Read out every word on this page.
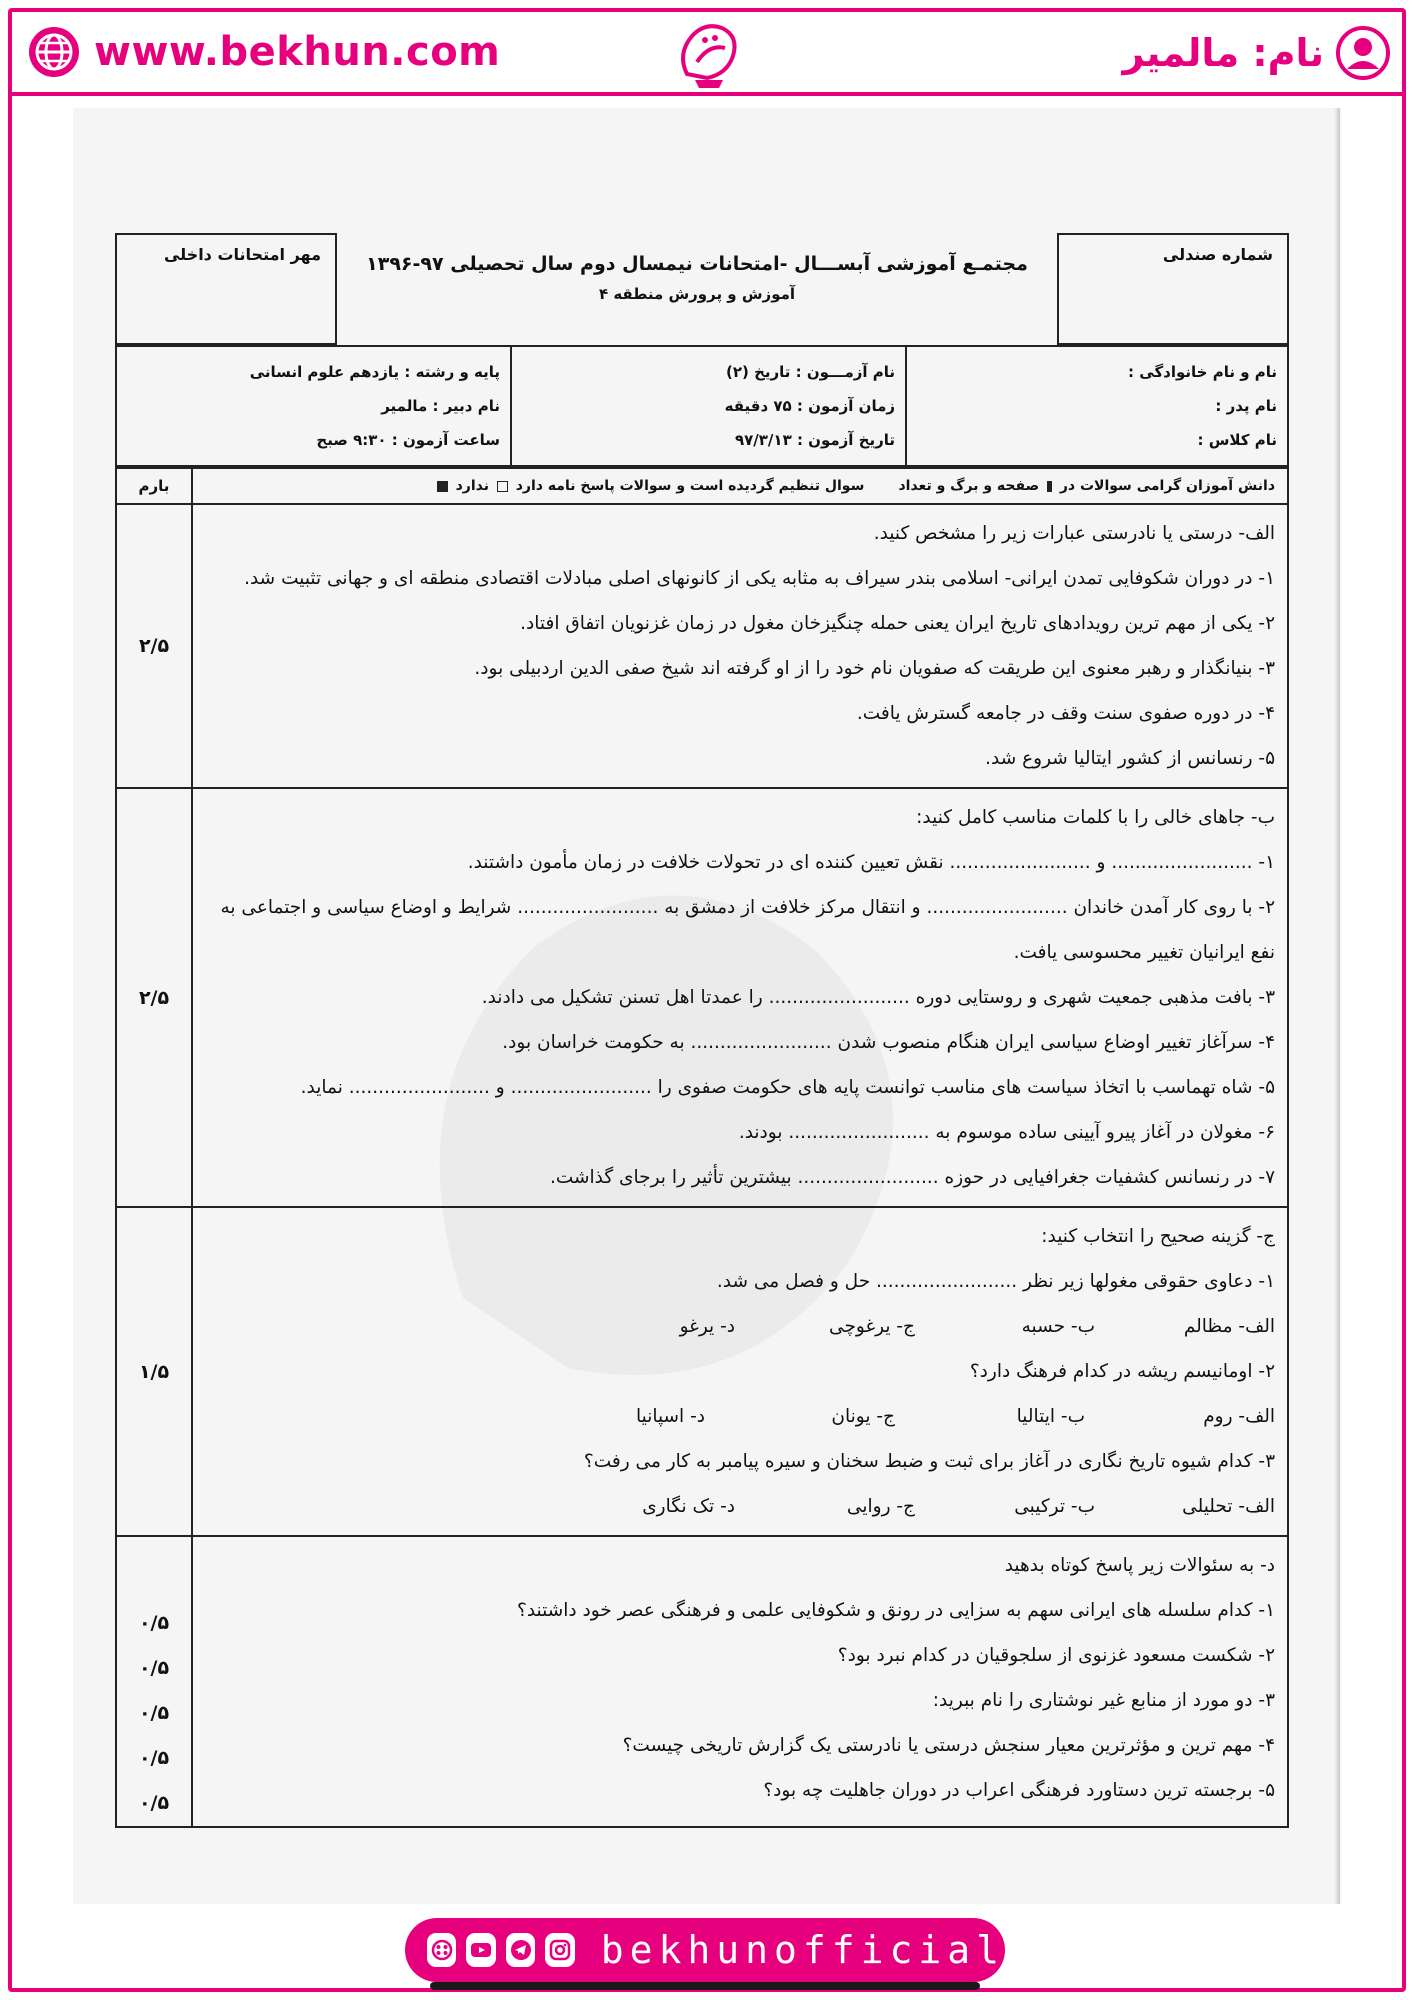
www.bekhun.com	نام: مالمیر
شماره صندلی
مجتمـع آموزشی آبســـال -امتحانات نیمسال دوم سال تحصیلی ۹۷-۱۳۹۶
آموزش و پرورش منطقه ۴
مهر امتحانات داخلی
نام و نام خانوادگی :
نام پدر :
نام کلاس :
نام آزمـــون : تاریخ (۲)
زمان آزمون : ۷۵ دقیقه
تاریخ آزمون : ۹۷/۳/۱۳
پایه و رشته : یازدهم علوم انسانی
نام دبیر : مالمیر
ساعت آزمون : ۹:۳۰ صبح
دانش آموزان گرامی سوالات در  صفحه و برگ و تعداد       سوال تنظیم گردیده است و سوالات پاسخ نامه دارد  ندارد
بارم
الف- درستی یا نادرستی عبارات زیر را مشخص کنید.
۱- در دوران شکوفایی تمدن ایرانی- اسلامی بندر سیراف به مثابه یکی از کانونهای اصلی مبادلات اقتصادی منطقه ای و جهانی تثبیت شد.
۲- یکی از مهم ترین رویدادهای تاریخ ایران یعنی حمله چنگیزخان مغول در زمان غزنویان اتفاق افتاد.
۳- بنیانگذار و رهبر معنوی این طریقت که صفویان نام خود را از او گرفته اند شیخ صفی الدین اردبیلی بود.
۴- در دوره صفوی سنت وقف در جامعه گسترش یافت.
۵- رنسانس از کشور ایتالیا شروع شد.
۲/۵
ب- جاهای خالی را با کلمات مناسب کامل کنید:
۱- ........................ و ........................ نقش تعیین کننده ای در تحولات خلافت در زمان مأمون داشتند.
۲- با روی کار آمدن خاندان ........................ و انتقال مرکز خلافت از دمشق به ........................ شرایط و اوضاع سیاسی و اجتماعی به نفع ایرانیان تغییر محسوسی یافت.
۳- بافت مذهبی جمعیت شهری و روستایی دوره ........................ را عمدتا اهل تسنن تشکیل می دادند.
۴- سرآغاز تغییر اوضاع سیاسی ایران هنگام منصوب شدن ........................ به حکومت خراسان بود.
۵- شاه تهماسب با اتخاذ سیاست های مناسب توانست پایه های حکومت صفوی را ........................ و ........................ نماید.
۶- مغولان در آغاز پیرو آیینی ساده موسوم به ........................ بودند.
۷- در رنسانس کشفیات جغرافیایی در حوزه ........................ بیشترین تأثیر را برجای گذاشت.
۲/۵
ج- گزینه صحیح را انتخاب کنید:
۱- دعاوی حقوقی مغولها زیر نظر ........................ حل و فصل می شد.
الف- مظالم
ب- حسبه
ج- یرغوچی
د- یرغو
۲- اومانیسم ریشه در کدام فرهنگ دارد؟
الف- روم
ب- ایتالیا
ج- یونان
د- اسپانیا
۳- کدام شیوه تاریخ نگاری در آغاز برای ثبت و ضبط سخنان و سیره پیامبر به کار می رفت؟
الف- تحلیلی
ب- ترکیبی
ج- روایی
د- تک نگاری
۱/۵
د- به سئوالات زیر پاسخ کوتاه بدهید
۱- کدام سلسله های ایرانی سهم به سزایی در رونق و شکوفایی علمی و فرهنگی عصر خود داشتند؟
۲- شکست مسعود غزنوی از سلجوقیان در کدام نبرد بود؟
۳- دو مورد از منابع غیر نوشتاری را نام ببرید:
۴- مهم ترین و مؤثرترین معیار سنجش درستی یا نادرستی یک گزارش تاریخی چیست؟
۵- برجسته ترین دستاورد فرهنگی اعراب در دوران جاهلیت چه بود؟
۰/۵
۰/۵
۰/۵
۰/۵
۰/۵
bekhunofficial
